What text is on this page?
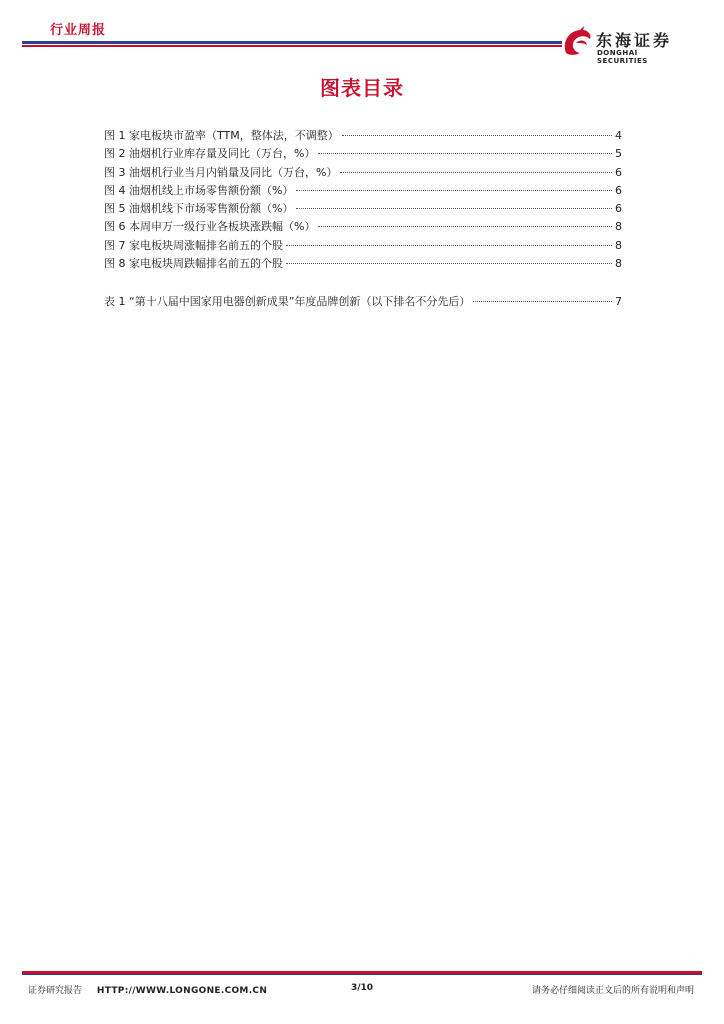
行业周报
东海证券
DONGHAI SECURITIES
图表目录
图 1 家电板块市盈率（TTM，整体法，不调整）	4
图 2 油烟机行业库存量及同比（万台，%）	5
图 3 油烟机行业当月内销量及同比（万台，%）	6
图 4 油烟机线上市场零售额份额（%）	6
图 5 油烟机线下市场零售额份额（%）	6
图 6 本周申万一级行业各板块涨跌幅（%）	8
图 7 家电板块周涨幅排名前五的个股	8
图 8 家电板块周跌幅排名前五的个股	8
表 1 “第十八届中国家用电器创新成果”年度品牌创新（以下排名不分先后）	7
证券研究报告 HTTP://WWW.LONGONE.COM.CN	3/10	请务必仔细阅读正文后的所有说明和声明
